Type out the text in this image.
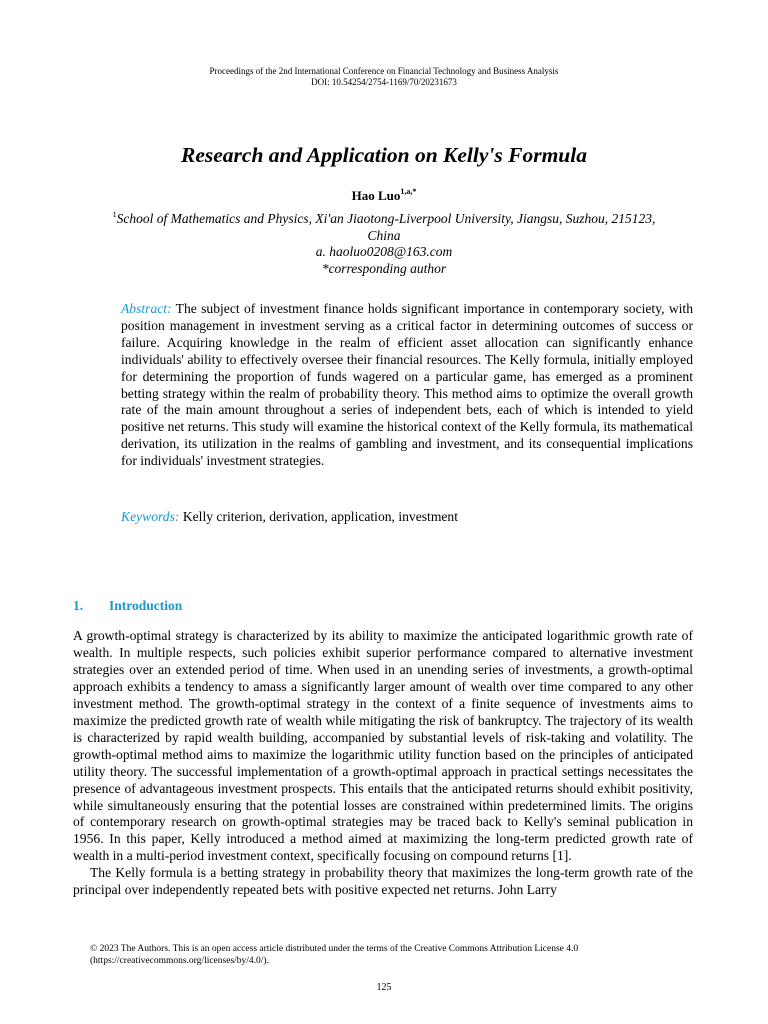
Proceedings of the 2nd International Conference on Financial Technology and Business Analysis
DOI: 10.54254/2754-1169/70/20231673
Research and Application on Kelly's Formula
Hao Luo$^{1,a,*}$
$^1$School of Mathematics and Physics, Xi'an Jiaotong-Liverpool University, Jiangsu, Suzhou, 215123,
China
a. haoluo0208@163.com
*corresponding author

Abstract: The subject of investment finance holds significant importance in contemporary society, with position management in investment serving as a critical factor in determining outcomes of success or failure. Acquiring knowledge in the realm of efficient asset allocation can significantly enhance individuals' ability to effectively oversee their financial resources. The Kelly formula, initially employed for determining the proportion of funds wagered on a particular game, has emerged as a prominent betting strategy within the realm of probability theory. This method aims to optimize the overall growth rate of the main amount throughout a series of independent bets, each of which is intended to yield positive net returns. This study will examine the historical context of the Kelly formula, its mathematical derivation, its utilization in the realms of gambling and investment, and its consequential implications for individuals' investment strategies.

Keywords: Kelly criterion, derivation, application, investment

1. Introduction

A growth-optimal strategy is characterized by its ability to maximize the anticipated logarithmic growth rate of wealth. In multiple respects, such policies exhibit superior performance compared to alternative investment strategies over an extended period of time. When used in an unending series of investments, a growth-optimal approach exhibits a tendency to amass a significantly larger amount of wealth over time compared to any other investment method. The growth-optimal strategy in the context of a finite sequence of investments aims to maximize the predicted growth rate of wealth while mitigating the risk of bankruptcy. The trajectory of its wealth is characterized by rapid wealth building, accompanied by substantial levels of risk-taking and volatility. The growth-optimal method aims to maximize the logarithmic utility function based on the principles of anticipated utility theory. The successful implementation of a growth-optimal approach in practical settings necessitates the presence of advantageous investment prospects. This entails that the anticipated returns should exhibit positivity, while simultaneously ensuring that the potential losses are constrained within predetermined limits. The origins of contemporary research on growth-optimal strategies may be traced back to Kelly's seminal publication in 1956. In this paper, Kelly introduced a method aimed at maximizing the long-term predicted growth rate of wealth in a multi-period investment context, specifically focusing on compound returns [1].

The Kelly formula is a betting strategy in probability theory that maximizes the long-term growth rate of the principal over independently repeated bets with positive expected net returns. John Larry

© 2023 The Authors. This is an open access article distributed under the terms of the Creative Commons Attribution License 4.0
(https://creativecommons.org/licenses/by/4.0/).
125
